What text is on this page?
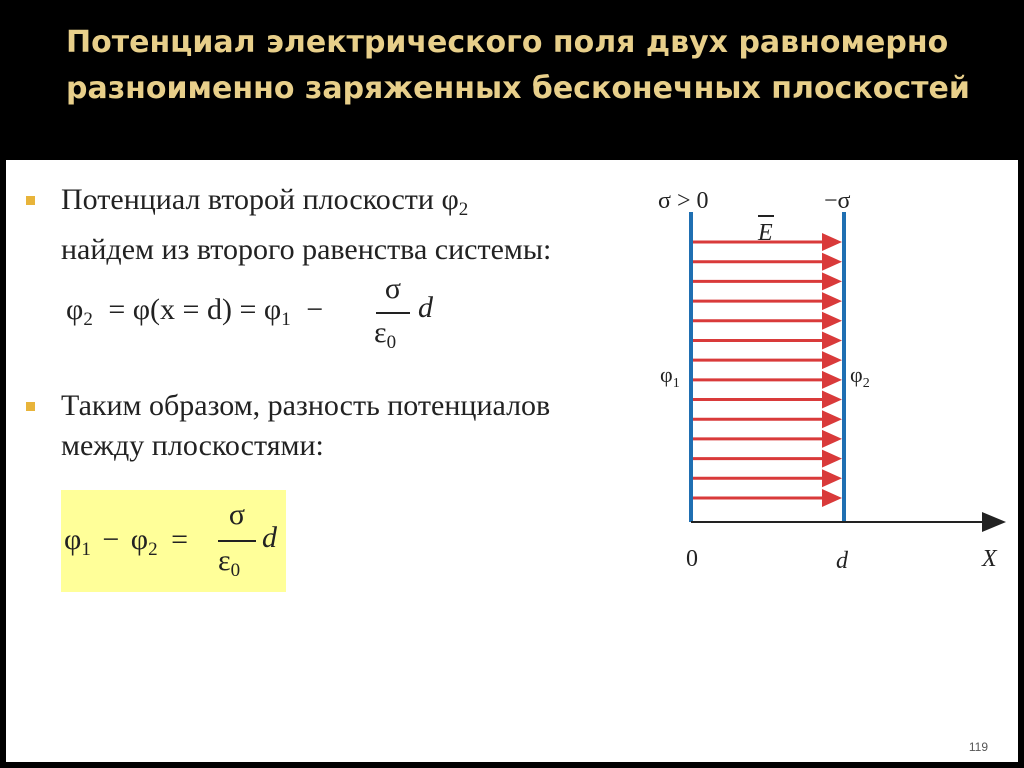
Потенциал электрического поля двух равномерно разноименно заряженных бесконечных плоскостей
Потенциал второй плоскости $\varphi_2$
найдем из второго равенства системы:
$\varphi_2 = \varphi(x = d) = \varphi_1$ −
σ
$\varepsilon_0$
d
Таким образом, разность потенциалов
между плоскостями:
$\varphi_1 - \varphi_2$ =
σ
$\varepsilon_0$
d
σ > 0	−σ
E
$\varphi_1$	$\varphi_2$
0	d	X
119
